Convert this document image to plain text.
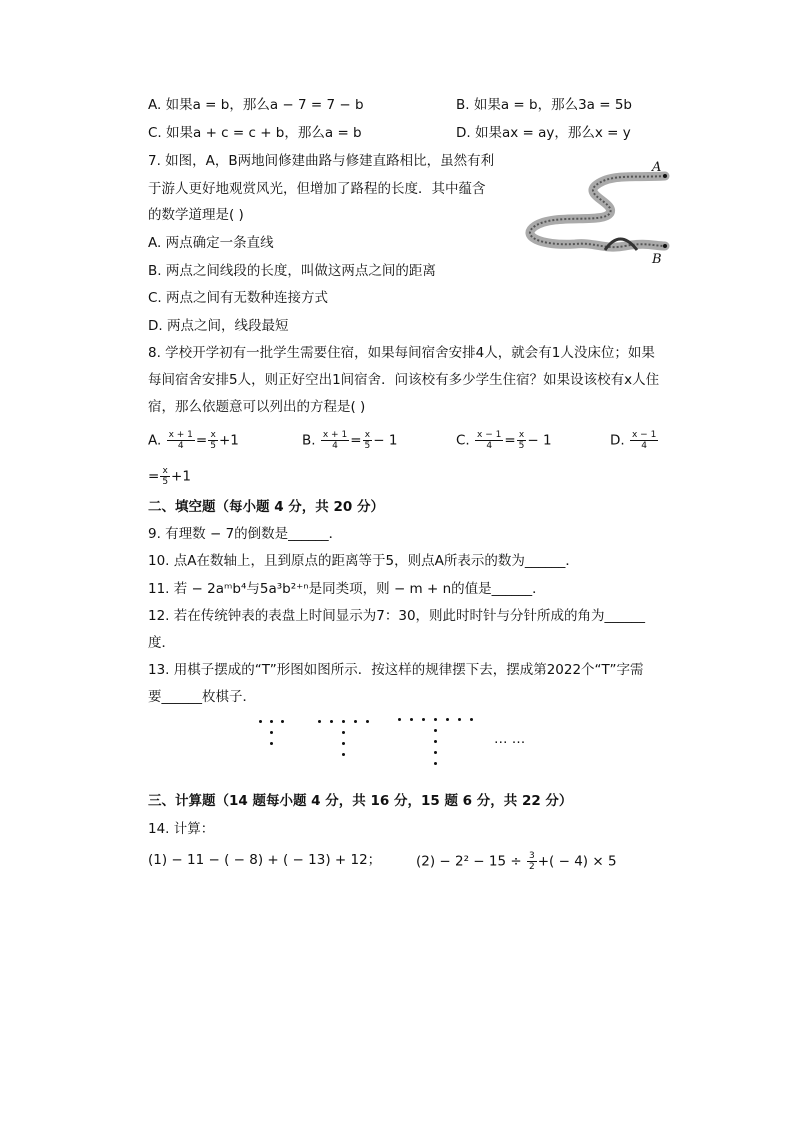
A. 如果a = b，那么a − 7 = 7 − b	B. 如果a = b，那么3a = 5b
C. 如果a + c = c + b，那么a = b	D. 如果ax = ay，那么x = y
7. 如图，A，B两地间修建曲路与修建直路相比，虽然有利
于游人更好地观赏风光，但增加了路程的长度．其中蕴含
的数学道理是( )
A. 两点确定一条直线
B. 两点之间线段的长度，叫做这两点之间的距离
C. 两点之间有无数种连接方式
D. 两点之间，线段最短
A
B
8. 学校开学初有一批学生需要住宿，如果每间宿舍安排4人，就会有1人没床位；如果
每间宿舍安排5人，则正好空出1间宿舍．问该校有多少学生住宿？如果设该校有x人住
宿，那么依题意可以列出的方程是( )
A. $\frac{x + 1}{4} = \frac{x}{5} +1$	B. $\frac{x + 1}{4} = \frac{x}{5} - 1$	C. $\frac{x - 1}{4} = \frac{x}{5} - 1$	D. $\frac{x - 1}{4}$
= $\frac{x}{5} +1$
二、填空题（每小题 4 分，共 20 分）
9. 有理数 − 7的倒数是______．
10. 点A在数轴上，且到原点的距离等于5，则点A所表示的数为______．
11. 若 − 2aᵐb⁴与5a³b²⁺ⁿ是同类项，则 − m + n的值是______．
12. 若在传统钟表的表盘上时间显示为7：30，则此时时针与分针所成的角为______
度．
13. 用棋子摆成的“T”形图如图所示．按这样的规律摆下去，摆成第2022个“T”字需
要______枚棋子．
… …
三、计算题（14 题每小题 4 分，共 16 分，15 题 6 分，共 22 分）
14. 计算：
(1) − 11 − ( − 8) + ( − 13) + 12；	$(2) - 2^2 - 15 \div \frac{3}{2}$ +( − 4) × 5
